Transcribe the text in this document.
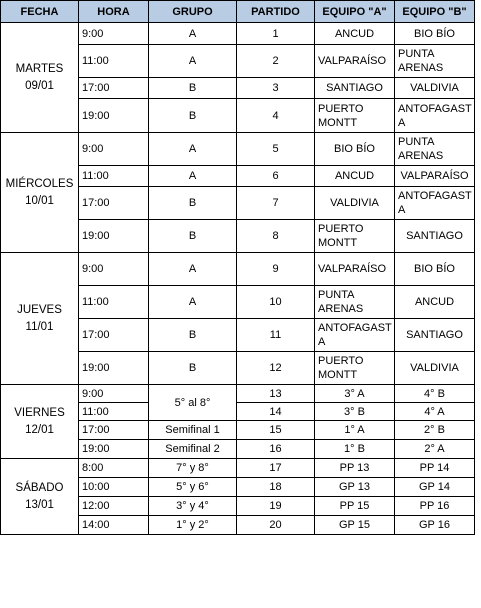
FECHA	HORA	GRUPO	PARTIDO	EQUIPO "A"	EQUIPO "B"
MARTES
09/01	9:00	A	1	ANCUD	BIO BÍO
	11:00	A	2	VALPARAÍSO	PUNTA
ARENAS
	17:00	B	3	SANTIAGO	VALDIVIA
	19:00	B	4	PUERTO
MONTT	ANTOFAGAST
A
MIÉRCOLES
10/01	9:00	A	5	BIO BÍO	PUNTA
ARENAS
	11:00	A	6	ANCUD	VALPARAÍSO
	17:00	B	7	VALDIVIA	ANTOFAGAST
A
	19:00	B	8	PUERTO
MONTT	SANTIAGO
JUEVES 11/01	9:00	A	9	VALPARAÍSO	BIO BÍO
	11:00	A	10	PUNTA
ARENAS	ANCUD
	17:00	B	11	ANTOFAGAST
A	SANTIAGO
	19:00	B	12	PUERTO
MONTT	VALDIVIA
VIERNES
12/01	9:00	5° al 8°	13	3° A	4° B
	11:00		14	3° B	4° A
	17:00	Semifinal 1	15	1° A	2° B
	19:00	Semifinal 2	16	1° B	2° A
SÁBADO
13/01	8:00	7° y 8°	17	PP 13	PP 14
	10:00	5° y 6°	18	GP 13	GP 14
	12:00	3° y 4°	19	PP 15	PP 16
	14:00	1° y 2°	20	GP 15	GP 16
